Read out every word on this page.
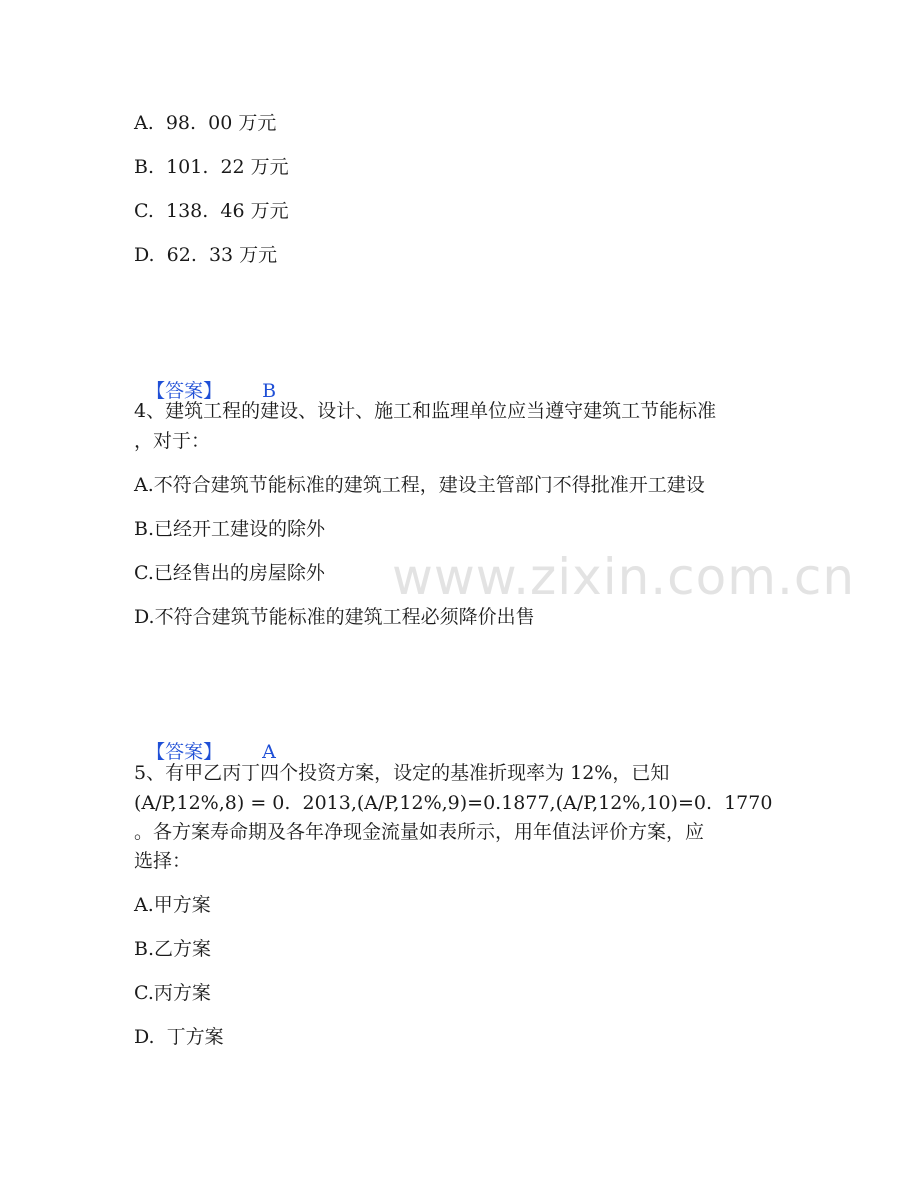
www.zixin.com.cn

A.  98.  00 万元

B.  101.  22 万元

C.  138.  46 万元

D.  62.  33 万元

【答案】 B

4、建筑工程的建设、设计、施工和监理单位应当遵守建筑工节能标准

，对于：

A.不符合建筑节能标准的建筑工程，建设主管部门不得批准开工建设

B.已经开工建设的除外

C.已经售出的房屋除外

D.不符合建筑节能标准的建筑工程必须降价出售

【答案】 A

5、有甲乙丙丁四个投资方案，设定的基准折现率为 12%，已知

(A/P,12%,8) = 0.  2013,(A/P,12%,9)=0.1877,(A/P,12%,10)=0.  1770

。各方案寿命期及各年净现金流量如表所示，用年值法评价方案，应

选择：

A.甲方案

B.乙方案

C.丙方案

D.  丁方案
